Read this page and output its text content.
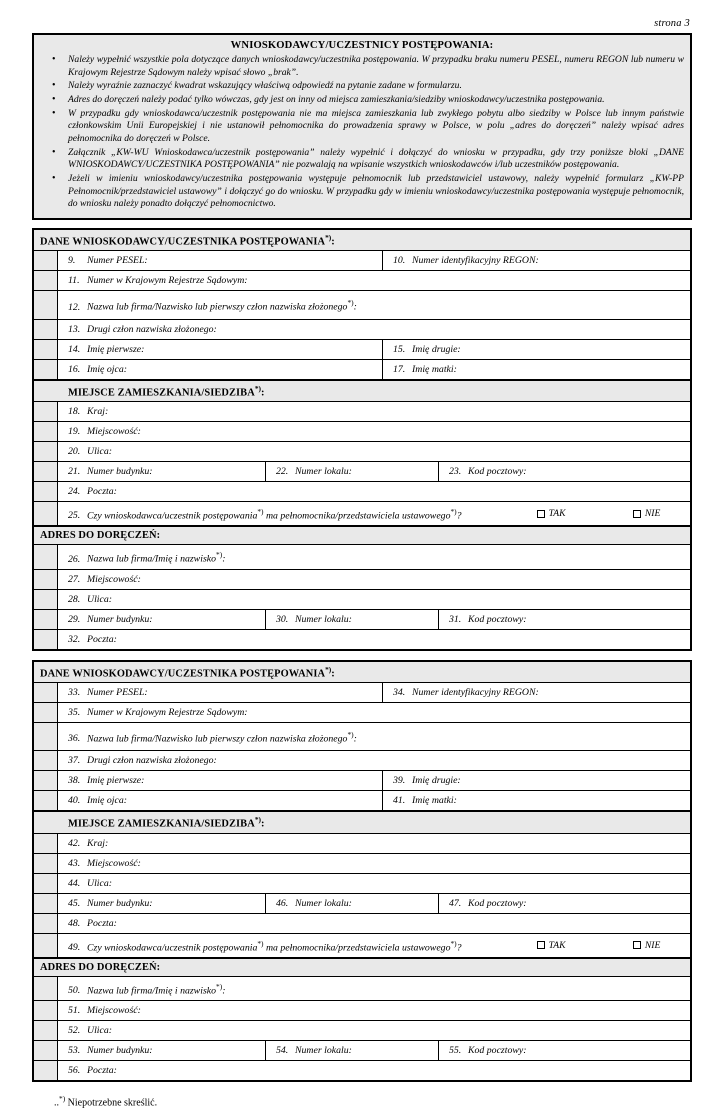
strona 3
WNIOSKODAWCY/UCZESTNICY POSTĘPOWANIA:
• Należy wypełnić wszystkie pola dotyczące danych wnioskodawcy/uczestnika postępowania. W przypadku braku numeru PESEL, numeru REGON lub numeru w Krajowym Rejestrze Sądowym należy wpisać słowo „brak”.
• Należy wyraźnie zaznaczyć kwadrat wskazujący właściwą odpowiedź na pytanie zadane w formularzu.
• Adres do doręczeń należy podać tylko wówczas, gdy jest on inny od miejsca zamieszkania/siedziby wnioskodawcy/uczestnika postępowania.
• W przypadku gdy wnioskodawca/uczestnik postępowania nie ma miejsca zamieszkania lub zwykłego pobytu albo siedziby w Polsce lub innym państwie członkowskim Unii Europejskiej i nie ustanowił pełnomocnika do prowadzenia sprawy w Polsce, w polu „adres do doręczeń” należy wpisać adres pełnomocnika do doręczeń w Polsce.
• Załącznik „KW-WU Wnioskodawca/uczestnik postępowania” należy wypełnić i dołączyć do wniosku w przypadku, gdy trzy poniższe bloki „DANE WNIOSKODAWCY/UCZESTNIKA POSTĘPOWANIA” nie pozwalają na wpisanie wszystkich wnioskodawców i/lub uczestników postępowania.
• Jeżeli w imieniu wnioskodawcy/uczestnika postępowania występuje pełnomocnik lub przedstawiciel ustawowy, należy wypełnić formularz „KW-PP Pełnomocnik/przedstawiciel ustawowy” i dołączyć go do wniosku. W przypadku gdy w imieniu wnioskodawcy/uczestnika postępowania występuje pełnomocnik, do wniosku należy ponadto dołączyć pełnomocnictwo.
DANE WNIOSKODAWCY/UCZESTNIKA POSTĘPOWANIA*):
9. Numer PESEL:	10. Numer identyfikacyjny REGON:
11. Numer w Krajowym Rejestrze Sądowym:
12. Nazwa lub firma/Nazwisko lub pierwszy człon nazwiska złożonego*):
13. Drugi człon nazwiska złożonego:
14. Imię pierwsze:	15. Imię drugie:
16. Imię ojca:	17. Imię matki:
MIEJSCE ZAMIESZKANIA/SIEDZIBA*):
18. Kraj:
19. Miejscowość:
20. Ulica:
21. Numer budynku:	22. Numer lokalu:	23. Kod pocztowy:
24. Poczta:
25. Czy wnioskodawca/uczestnik postępowania*) ma pełnomocnika/przedstawiciela ustawowego*)?	TAK	NIE
ADRES DO DORĘCZEŃ:
26. Nazwa lub firma/Imię i nazwisko*):
27. Miejscowość:
28. Ulica:
29. Numer budynku:	30. Numer lokalu:	31. Kod pocztowy:
32. Poczta:
DANE WNIOSKODAWCY/UCZESTNIKA POSTĘPOWANIA*):
33. Numer PESEL:	34. Numer identyfikacyjny REGON:
35. Numer w Krajowym Rejestrze Sądowym:
36. Nazwa lub firma/Nazwisko lub pierwszy człon nazwiska złożonego*):
37. Drugi człon nazwiska złożonego:
38. Imię pierwsze:	39. Imię drugie:
40. Imię ojca:	41. Imię matki:
MIEJSCE ZAMIESZKANIA/SIEDZIBA*):
42. Kraj:
43. Miejscowość:
44. Ulica:
45. Numer budynku:	46. Numer lokalu:	47. Kod pocztowy:
48. Poczta:
49. Czy wnioskodawca/uczestnik postępowania*) ma pełnomocnika/przedstawiciela ustawowego*)?	TAK	NIE
ADRES DO DORĘCZEŃ:
50. Nazwa lub firma/Imię i nazwisko*):
51. Miejscowość:
52. Ulica:
53. Numer budynku:	54. Numer lokalu:	55. Kod pocztowy:
56. Poczta:
..*) Niepotrzebne skreślić.
